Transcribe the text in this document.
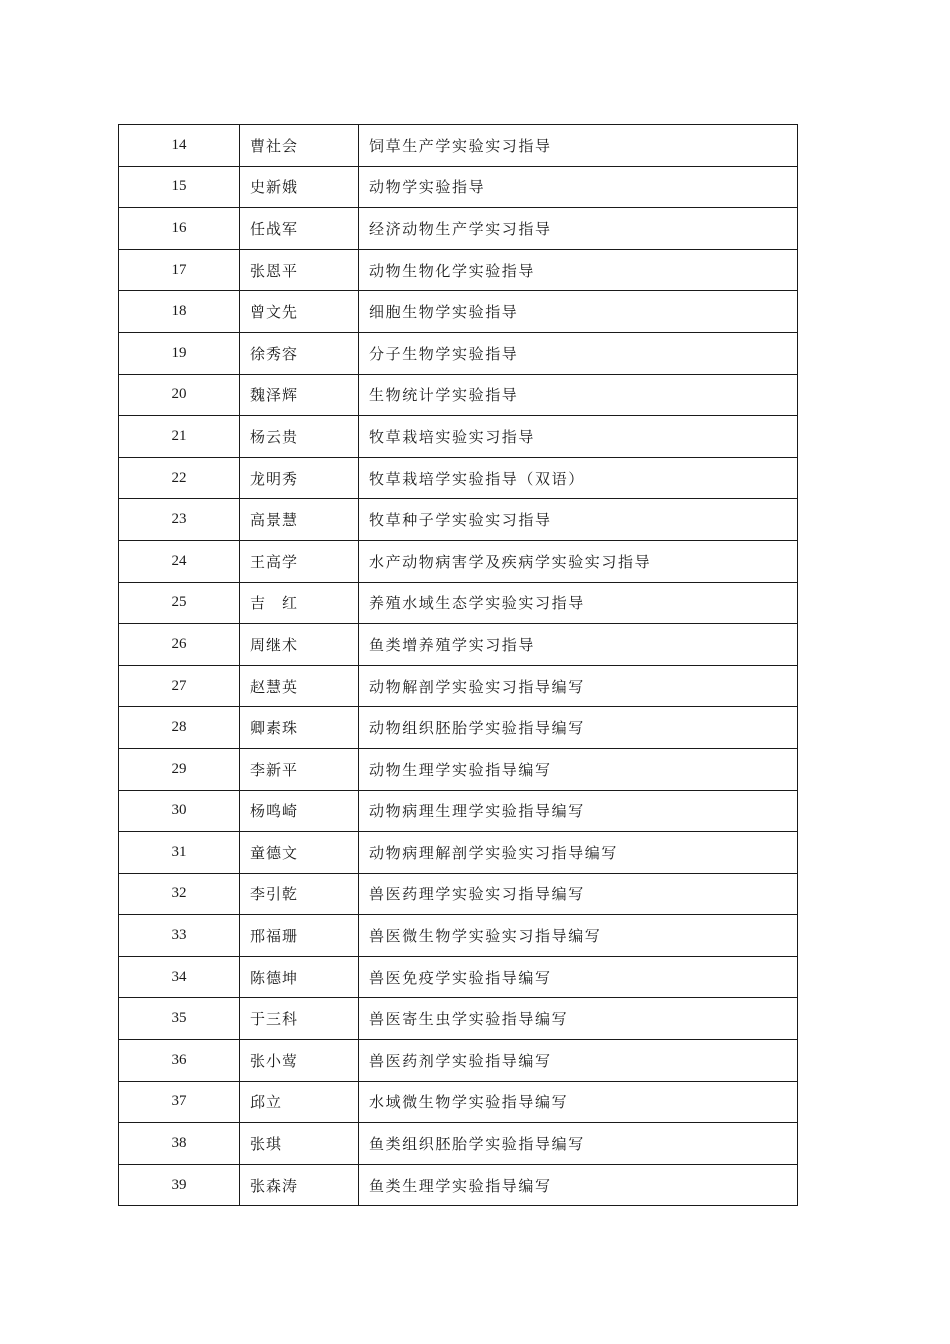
14	曹社会	饲草生产学实验实习指导
15	史新娥	动物学实验指导
16	任战军	经济动物生产学实习指导
17	张恩平	动物生物化学实验指导
18	曾文先	细胞生物学实验指导
19	徐秀容	分子生物学实验指导
20	魏泽辉	生物统计学实验指导
21	杨云贵	牧草栽培实验实习指导
22	龙明秀	牧草栽培学实验指导（双语）
23	高景慧	牧草种子学实验实习指导
24	王高学	水产动物病害学及疾病学实验实习指导
25	吉　红	养殖水域生态学实验实习指导
26	周继术	鱼类增养殖学实习指导
27	赵慧英	动物解剖学实验实习指导编写
28	卿素珠	动物组织胚胎学实验指导编写
29	李新平	动物生理学实验指导编写
30	杨鸣崎	动物病理生理学实验指导编写
31	童德文	动物病理解剖学实验实习指导编写
32	李引乾	兽医药理学实验实习指导编写
33	邢福珊	兽医微生物学实验实习指导编写
34	陈德坤	兽医免疫学实验指导编写
35	于三科	兽医寄生虫学实验指导编写
36	张小莺	兽医药剂学实验指导编写
37	邱立	水域微生物学实验指导编写
38	张琪	鱼类组织胚胎学实验指导编写
39	张森涛	鱼类生理学实验指导编写
